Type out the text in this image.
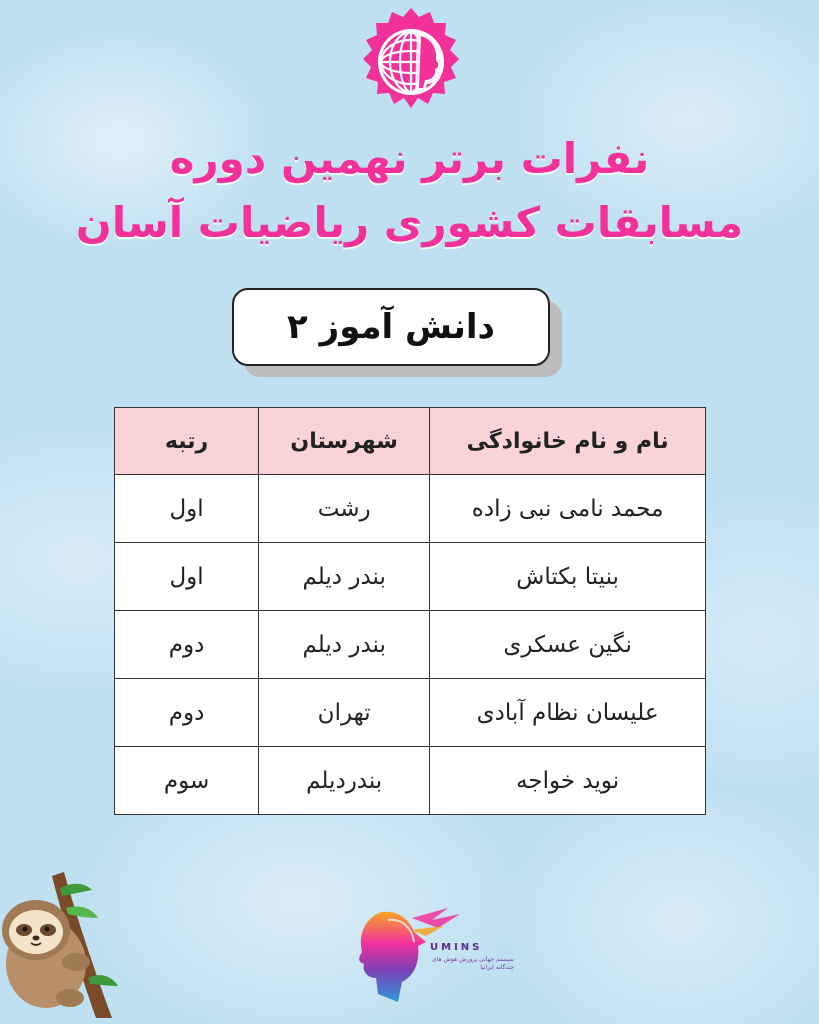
نفرات برتر نهمین دوره
مسابقات کشوری ریاضیات آسان
دانش آموز ۲
نام و نام خانوادگی	شهرستان	رتبه
محمد نامی نبی زاده	رشت	اول
بنیتا بکتاش	بندر دیلم	اول
نگین عسکری	بندر دیلم	دوم
علیسان نظام آبادی	تهران	دوم
نوید خواجه	بندردیلم	سوم
UMINS
سیستم جهانی پرورش هوش های چندگانه ایرانیا
